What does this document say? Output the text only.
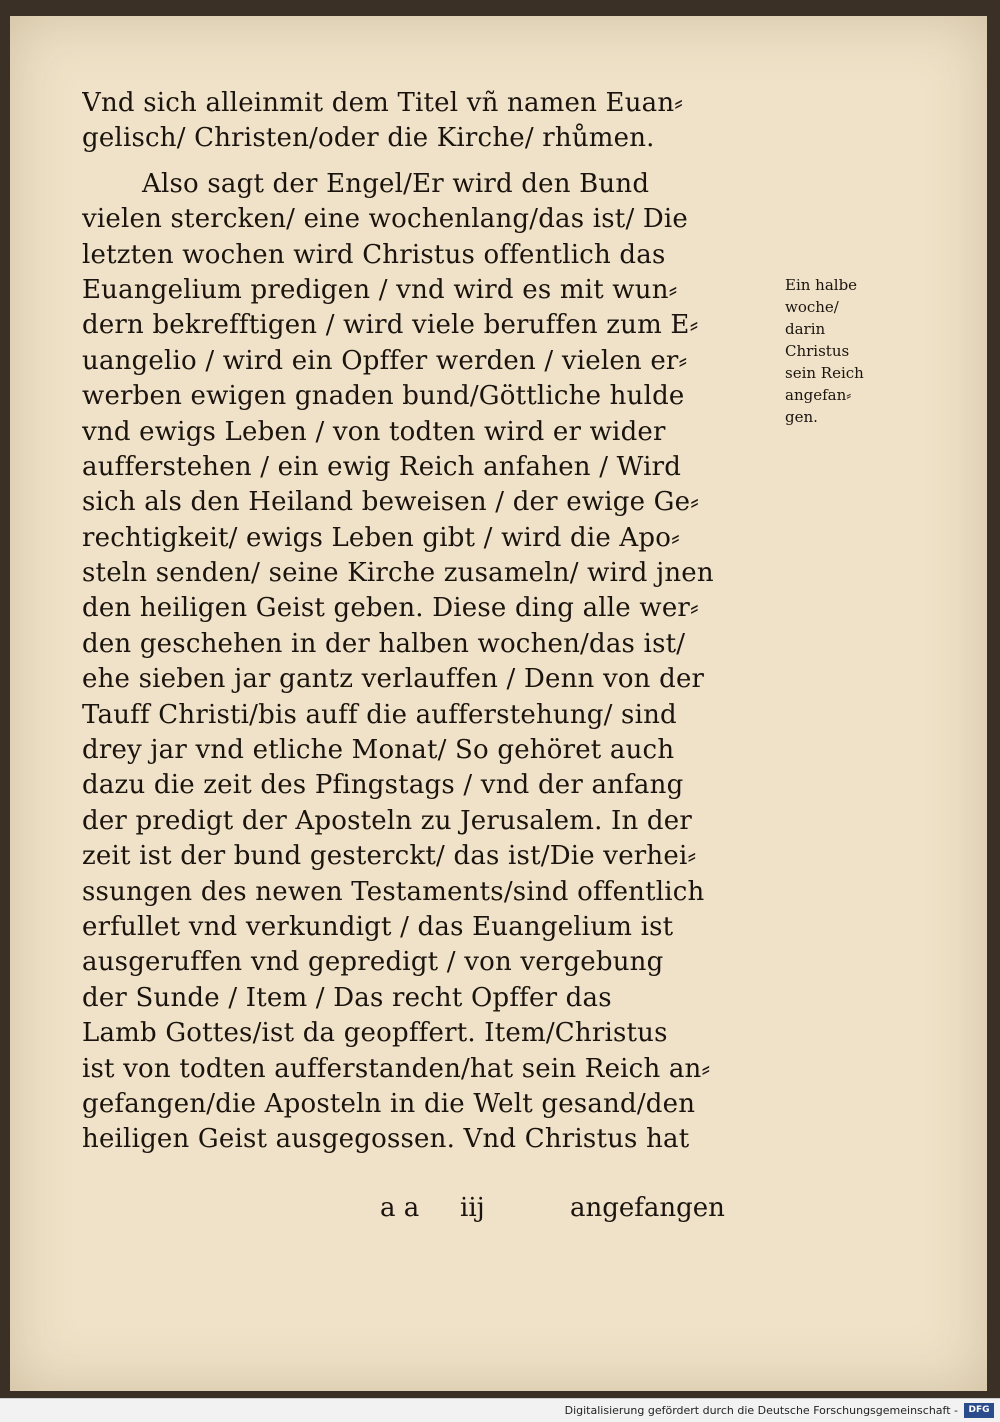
Vnd sich alleinmit dem Titel vñ namen Euan⸗
gelisch/ Christen/oder die Kirche/ rhůmen.
Also sagt der Engel/Er wird den Bund
vielen stercken/ eine wochenlang/das ist/ Die
letzten wochen wird Christus offentlich das
Euangelium predigen / vnd wird es mit wun⸗
dern bekrefftigen / wird viele beruffen zum E⸗
uangelio / wird ein Opffer werden / vielen er⸗
werben ewigen gnaden bund/Göttliche hulde
vnd ewigs Leben / von todten wird er wider
aufferstehen / ein ewig Reich anfahen / Wird
sich als den Heiland beweisen / der ewige Ge⸗
rechtigkeit/ ewigs Leben gibt / wird die Apo⸗
steln senden/ seine Kirche zusameln/ wird jnen
den heiligen Geist geben. Diese ding alle wer⸗
den geschehen in der halben wochen/das ist/
ehe sieben jar gantz verlauffen / Denn von der
Tauff Christi/bis auff die aufferstehung/ sind
drey jar vnd etliche Monat/ So gehöret auch
dazu die zeit des Pfingstags / vnd der anfang
der predigt der Aposteln zu Jerusalem. In der
zeit ist der bund gesterckt/ das ist/Die verhei⸗
ssungen des newen Testaments/sind offentlich
erfullet vnd verkundigt / das Euangelium ist
ausgeruffen vnd gepredigt / von vergebung
der Sunde / Item / Das recht Opffer das
Lamb Gottes/ist da geopffert. Item/Christus
ist von todten aufferstanden/hat sein Reich an⸗
gefangen/die Aposteln in die Welt gesand/den
heiligen Geist ausgegossen. Vnd Christus hat
Ein halbe
woche/
darin
Christus
sein Reich
angefan⸗
gen.
a a iij	angefangen
Digitalisierung gefördert durch die Deutsche Forschungsgemeinschaft -	DFG
